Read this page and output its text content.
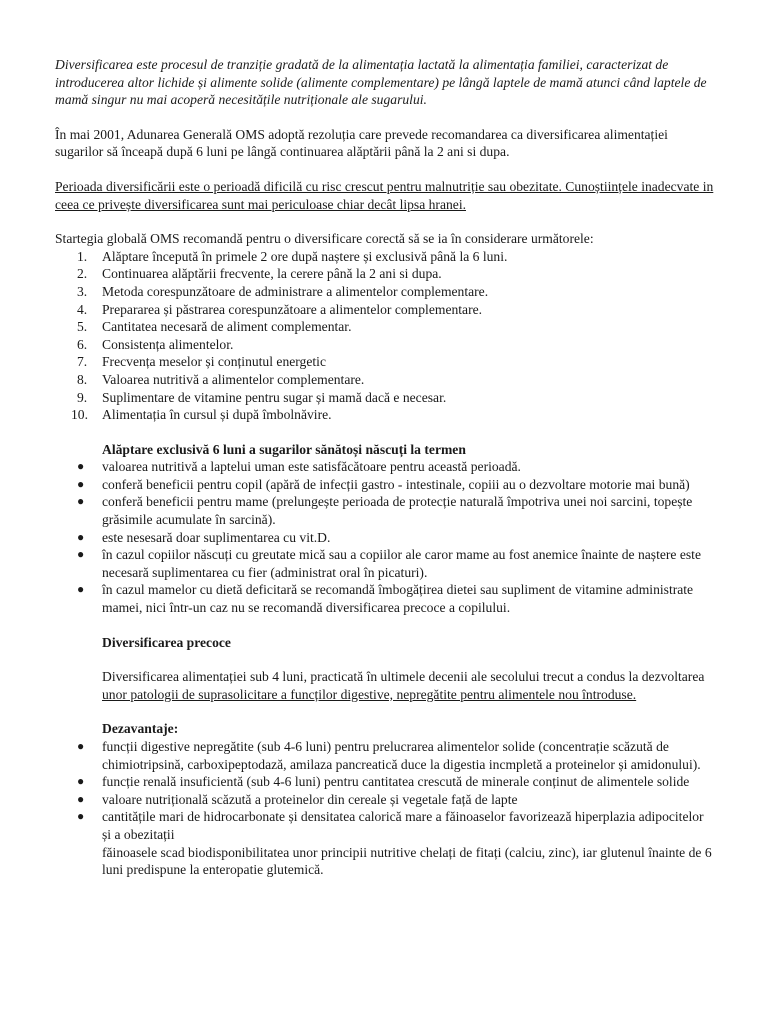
Diversificarea este procesul de tranziție gradată de la alimentația lactată la alimentația familiei, caracterizat de introducerea altor lichide și alimente solide (alimente complementare) pe lângă laptele de mamă atunci când laptele de mamă singur nu mai acoperă necesitățile nutriționale ale sugarului.

În mai 2001, Adunarea Generală OMS adoptă rezoluția care prevede recomandarea ca diversificarea alimentației sugarilor să înceapă după 6 luni pe lângă continuarea alăptării până la 2 ani si dupa.

Perioada diversificării este o perioadă dificilă cu risc crescut pentru malnutriție sau obezitate. Cunoștiințele inadecvate in ceea ce privește diversificarea sunt mai periculoase chiar decât lipsa hranei.

Startegia globală OMS recomandă pentru o diversificare corectă să se ia în considerare următorele:

1. Alăptare începută în primele 2 ore după naștere și exclusivă până la 6 luni.
2. Continuarea alăptării frecvente, la cerere până la 2 ani si dupa.
3. Metoda corespunzătoare de administrare a alimentelor complementare.
4. Prepararea și păstrarea corespunzătoare a alimentelor complementare.
5. Cantitatea necesară de aliment complementar.
6. Consistența alimentelor.
7. Frecvența meselor și conținutul energetic
8. Valoarea nutritivă a alimentelor complementare.
9. Suplimentare de vitamine pentru sugar și mamă dacă e necesar.
10. Alimentația în cursul și după îmbolnăvire.

Alăptare exclusivă 6 luni a sugarilor sănătoși născuți la termen

● valoarea nutritivă a laptelui uman este satisfăcătoare pentru această perioadă.
● conferă beneficii pentru copil (apără de infecții gastro - intestinale, copiii au o dezvoltare motorie mai bună)
● conferă beneficii pentru mame (prelungește perioada de protecție naturală împotriva unei noi sarcini, topește grăsimile acumulate în sarcină).
● este nesesară doar suplimentarea cu vit.D.
● în cazul copiilor născuți cu greutate mică sau a copiilor ale caror mame au fost anemice înainte de naștere este necesară suplimentarea cu fier (administrat oral în picaturi).
● în cazul mamelor cu dietă deficitară se recomandă îmbogățirea dietei sau supliment de vitamine administrate mamei, nici într-un caz nu se recomandă diversificarea precoce a copilului.

Diversificarea precoce

Diversificarea alimentației sub 4 luni, practicată în ultimele decenii ale secolului trecut a condus la dezvoltarea unor patologii de suprasolicitare a funcților digestive, nepregătite pentru alimentele nou întroduse.

Dezavantaje:

● funcții digestive nepregătite (sub 4-6 luni) pentru prelucrarea alimentelor solide (concentrație scăzută de chimiotripsină, carboxipeptodază, amilaza pancreatică duce la digestia incmpletă a proteinelor și amidonului).
● funcție renală insuficientă (sub 4-6 luni) pentru cantitatea crescută de minerale conținut de alimentele solide
● valoare nutrițională scăzută a proteinelor din cereale și vegetale față de lapte
● cantitățile mari de hidrocarbonate și densitatea calorică mare a făinoaselor favorizează hiperplazia adipocitelor și a obezitații

făinoasele scad biodisponibilitatea unor principii nutritive chelați de fitați (calciu, zinc), iar glutenul înainte de 6 luni predispune la enteropatie glutemică.
